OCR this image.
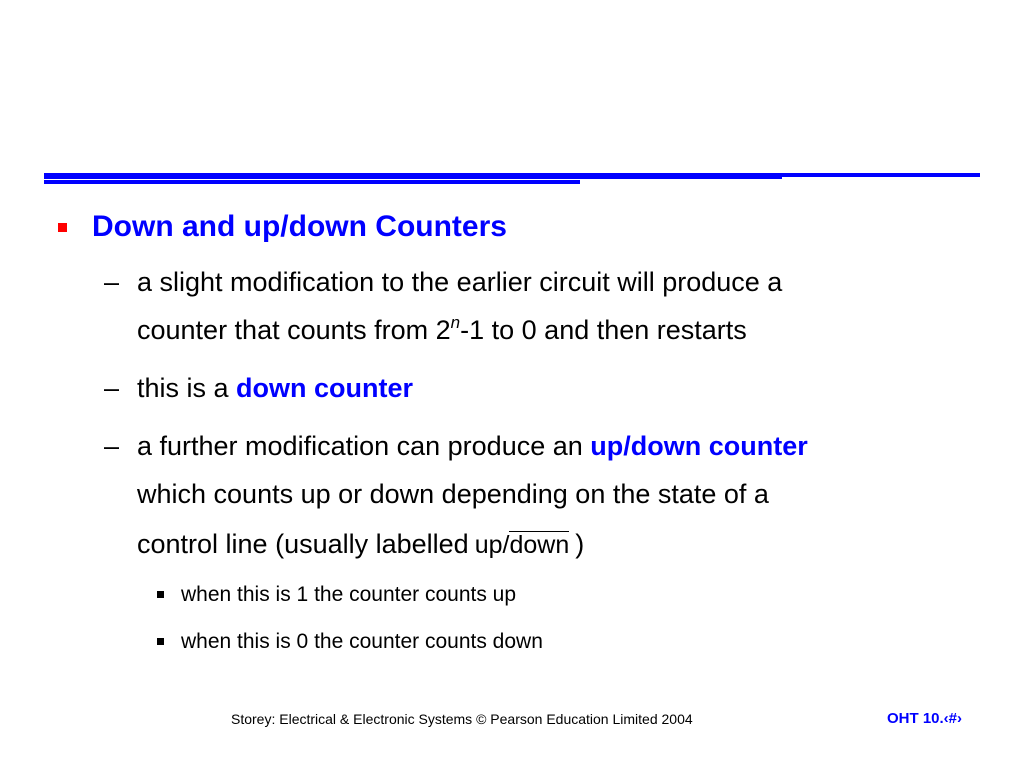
Down and up/down Counters
– a slight modification to the earlier circuit will produce a
counter that counts from 2$^n$-1 to 0 and then restarts
– this is a down counter
– a further modification can produce an up/down counter
which counts up or down depending on the state of a
control line (usually labelled up/down )
when this is 1 the counter counts up
when this is 0 the counter counts down
Storey: Electrical & Electronic Systems © Pearson Education Limited 2004	OHT 10.‹#›
